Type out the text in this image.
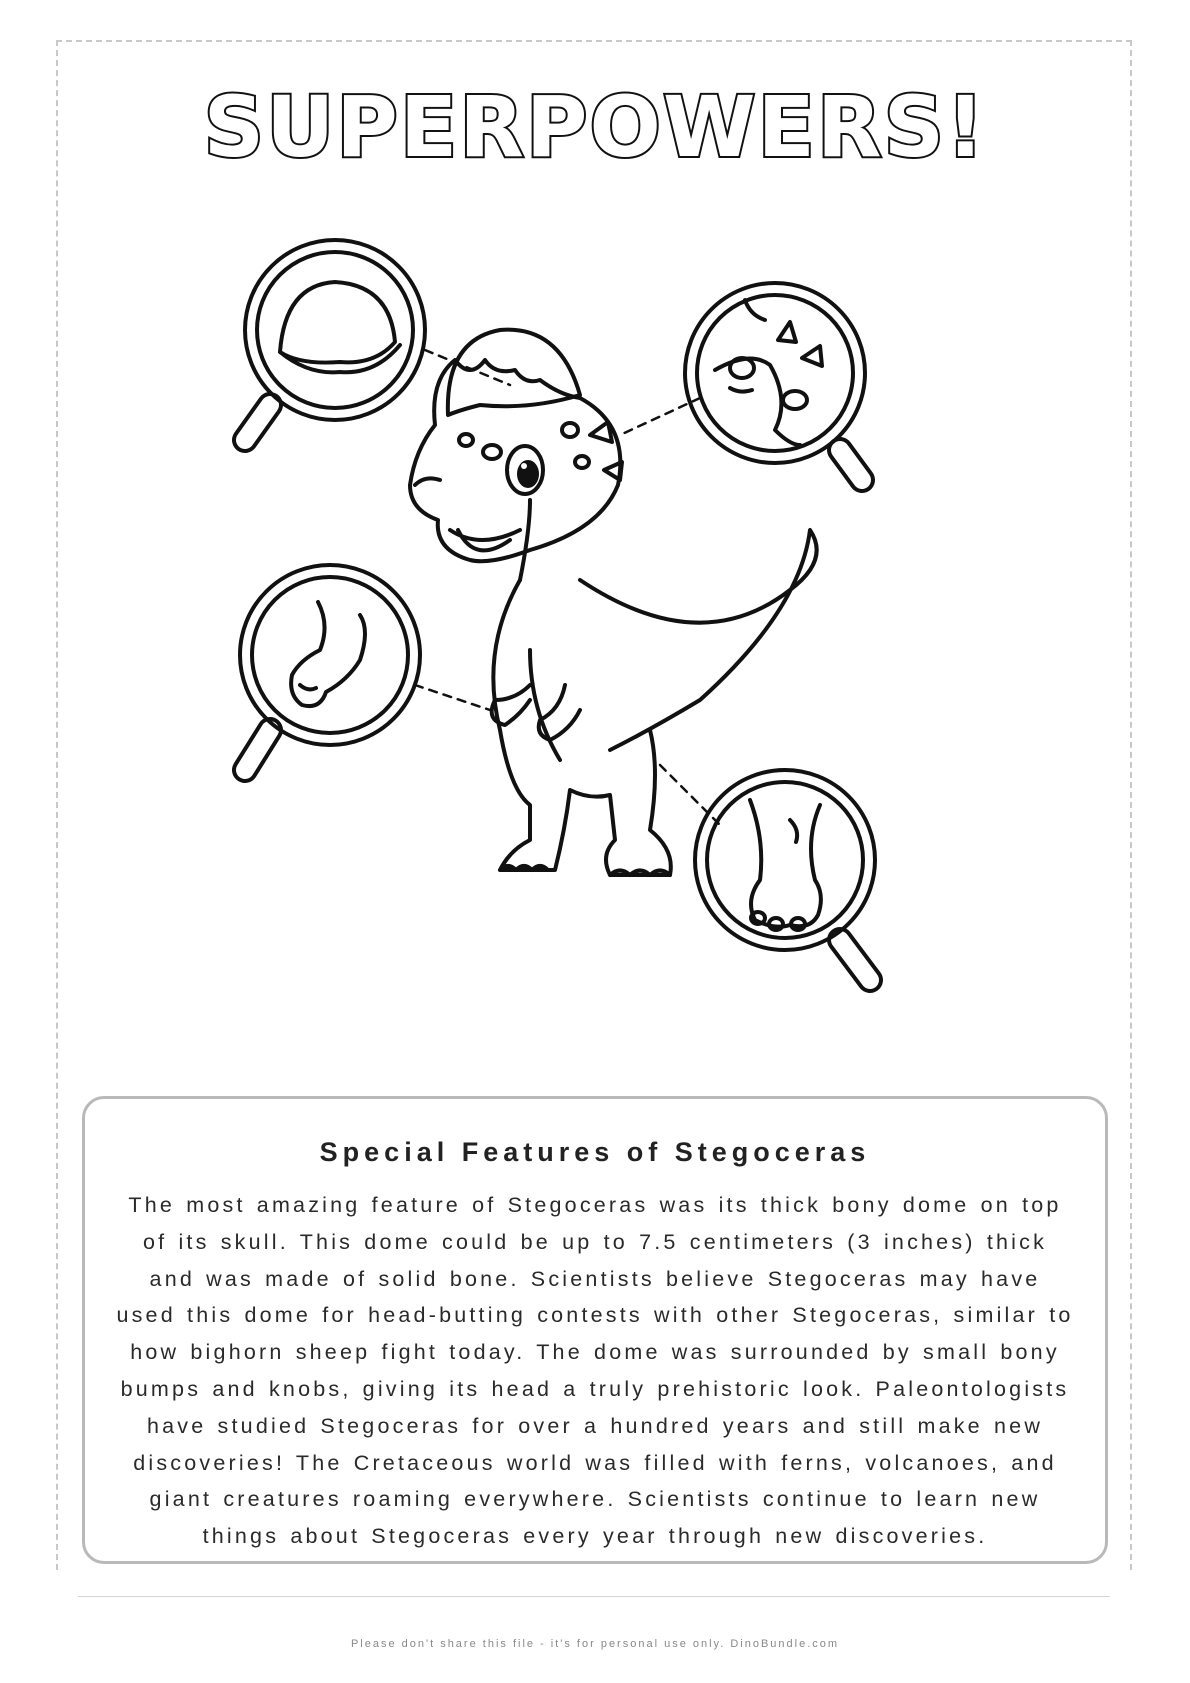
SUPERPOWERS!
Special Features of Stegoceras
The most amazing feature of Stegoceras was its thick bony dome on top of its skull. This dome could be up to 7.5 centimeters (3 inches) thick and was made of solid bone. Scientists believe Stegoceras may have used this dome for head-butting contests with other Stegoceras, similar to how bighorn sheep fight today. The dome was surrounded by small bony bumps and knobs, giving its head a truly prehistoric look. Paleontologists have studied Stegoceras for over a hundred years and still make new discoveries! The Cretaceous world was filled with ferns, volcanoes, and giant creatures roaming everywhere. Scientists continue to learn new things about Stegoceras every year through new discoveries.
Please don't share this file - it's for personal use only. DinoBundle.com
